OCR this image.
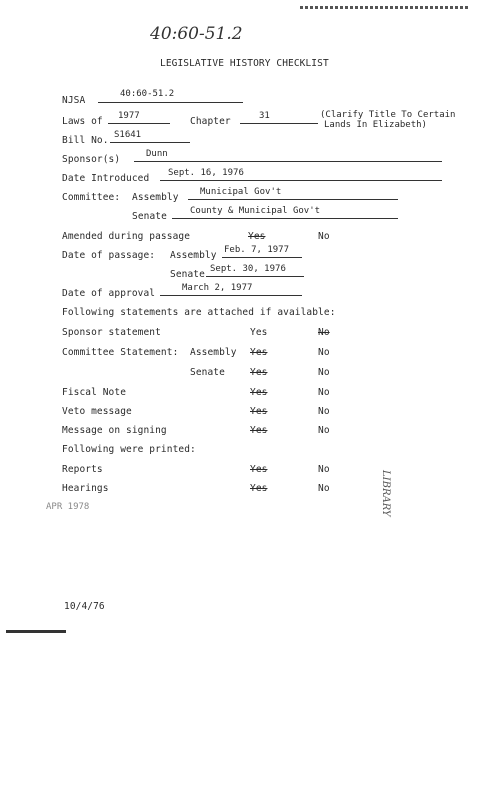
40:60-51.2
LEGISLATIVE HISTORY CHECKLIST
NJSA
40:60-51.2
Laws of 1977	Chapter	31	(Clarify Title To Certain
Lands In Elizabeth)
Bill No. S1641
Sponsor(s)	Dunn
Date Introduced Sept. 16, 1976
Committee: Assembly Municipal Gov't
Senate	County & Municipal Gov't
Amended during passage	Yes	No
Date of passage: Assembly Feb. 7, 1977
Senate Sept. 30, 1976
Date of approval	March 2, 1977
Following statements are attached if available:
Sponsor statement	Yes	No
Committee Statement: Assembly Yes	No
Senate	Yes	No
Fiscal Note	Yes	No
Veto message	Yes	No
Message on signing	Yes	No
Following were printed:
Reports	Yes	No
Hearings	Yes	No
APR 1978	LIBRARY
10/4/76
